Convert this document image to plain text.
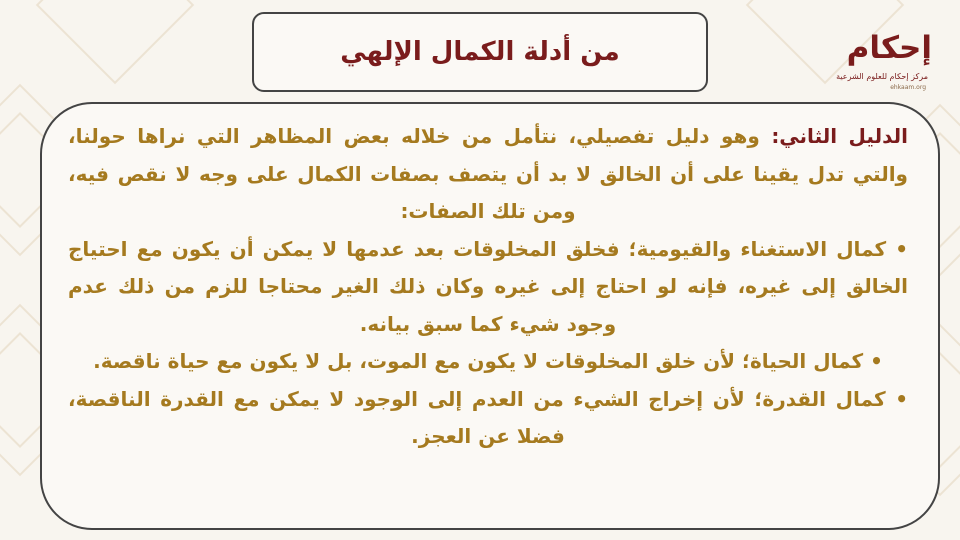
من أدلة الكمال الإلهي	إحكام
مركز إحكام للعلوم الشرعية
ehkaam.org

الدليل الثاني: وهو دليل تفصيلي، نتأمل من خلاله بعض المظاهر التي نراها حولنا، والتي تدل يقينا على أن الخالق لا بد أن يتصف بصفات الكمال على وجه لا نقص فيه، ومن تلك الصفات:

• كمال الاستغناء والقيومية؛ فخلق المخلوقات بعد عدمها لا يمكن أن يكون مع احتياج الخالق إلى غيره، فإنه لو احتاج إلى غيره وكان ذلك الغير محتاجا للزم من ذلك عدم وجود شيء كما سبق بيانه.

• كمال الحياة؛ لأن خلق المخلوقات لا يكون مع الموت، بل لا يكون مع حياة ناقصة.

• كمال القدرة؛ لأن إخراج الشيء من العدم إلى الوجود لا يمكن مع القدرة الناقصة، فضلا عن العجز.
